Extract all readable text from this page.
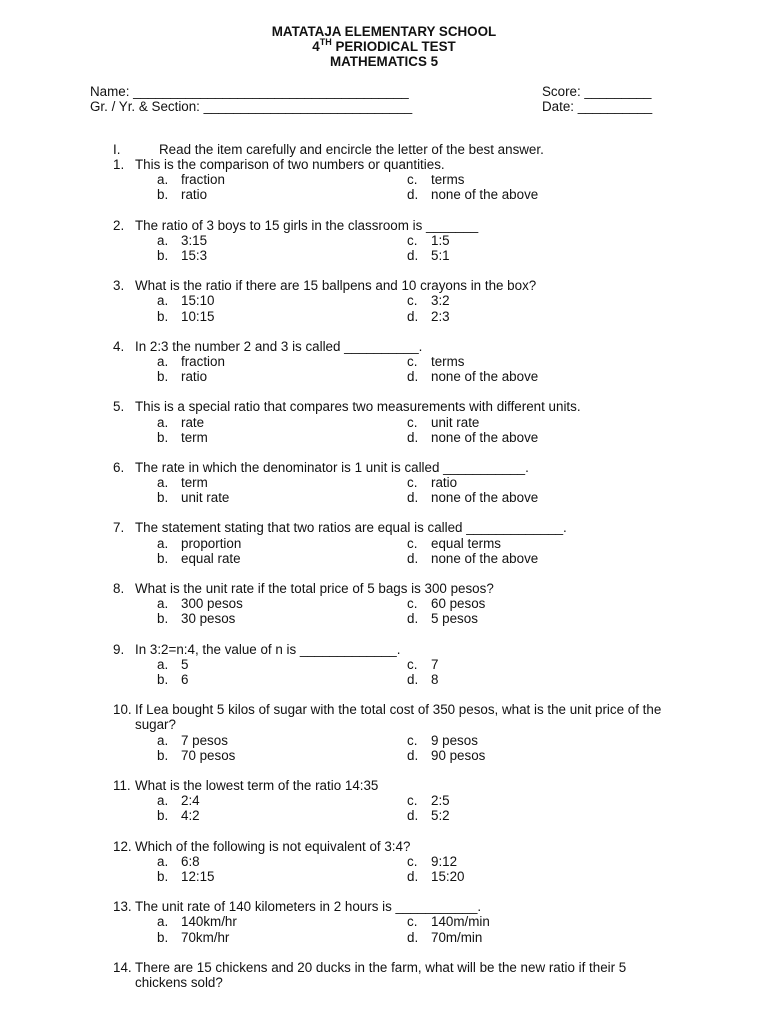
MATATAJA ELEMENTARY SCHOOL
4TH PERIODICAL TEST
MATHEMATICS 5
Name: _____________________________________	Score: _________
Gr. / Yr. & Section: ____________________________	Date: __________
I.	Read the item carefully and encircle the letter of the best answer.
1. This is the comparison of two numbers or quantities.
a. fraction	c. terms
b. ratio	d. none of the above
2. The ratio of 3 boys to 15 girls in the classroom is _______
a. 3:15	c. 1:5
b. 15:3	d. 5:1
3. What is the ratio if there are 15 ballpens and 10 crayons in the box?
a. 15:10	c. 3:2
b. 10:15	d. 2:3
4. In 2:3 the number 2 and 3 is called __________.
a. fraction	c. terms
b. ratio	d. none of the above
5. This is a special ratio that compares two measurements with different units.
a. rate	c. unit rate
b. term	d. none of the above
6. The rate in which the denominator is 1 unit is called ___________.
a. term	c. ratio
b. unit rate	d. none of the above
7. The statement stating that two ratios are equal is called _____________.
a. proportion	c. equal terms
b. equal rate	d. none of the above
8. What is the unit rate if the total price of 5 bags is 300 pesos?
a. 300 pesos	c. 60 pesos
b. 30 pesos	d. 5 pesos
9. In 3:2=n:4, the value of n is _____________.
a. 5	c. 7
b. 6	d. 8
10. If Lea bought 5 kilos of sugar with the total cost of 350 pesos, what is the unit price of the sugar?
a. 7 pesos	c. 9 pesos
b. 70 pesos	d. 90 pesos
11. What is the lowest term of the ratio 14:35
a. 2:4	c. 2:5
b. 4:2	d. 5:2
12. Which of the following is not equivalent of 3:4?
a. 6:8	c. 9:12
b. 12:15	d. 15:20
13. The unit rate of 140 kilometers in 2 hours is ___________.
a. 140km/hr	c. 140m/min
b. 70km/hr	d. 70m/min
14. There are 15 chickens and 20 ducks in the farm, what will be the new ratio if their 5 chickens sold?
